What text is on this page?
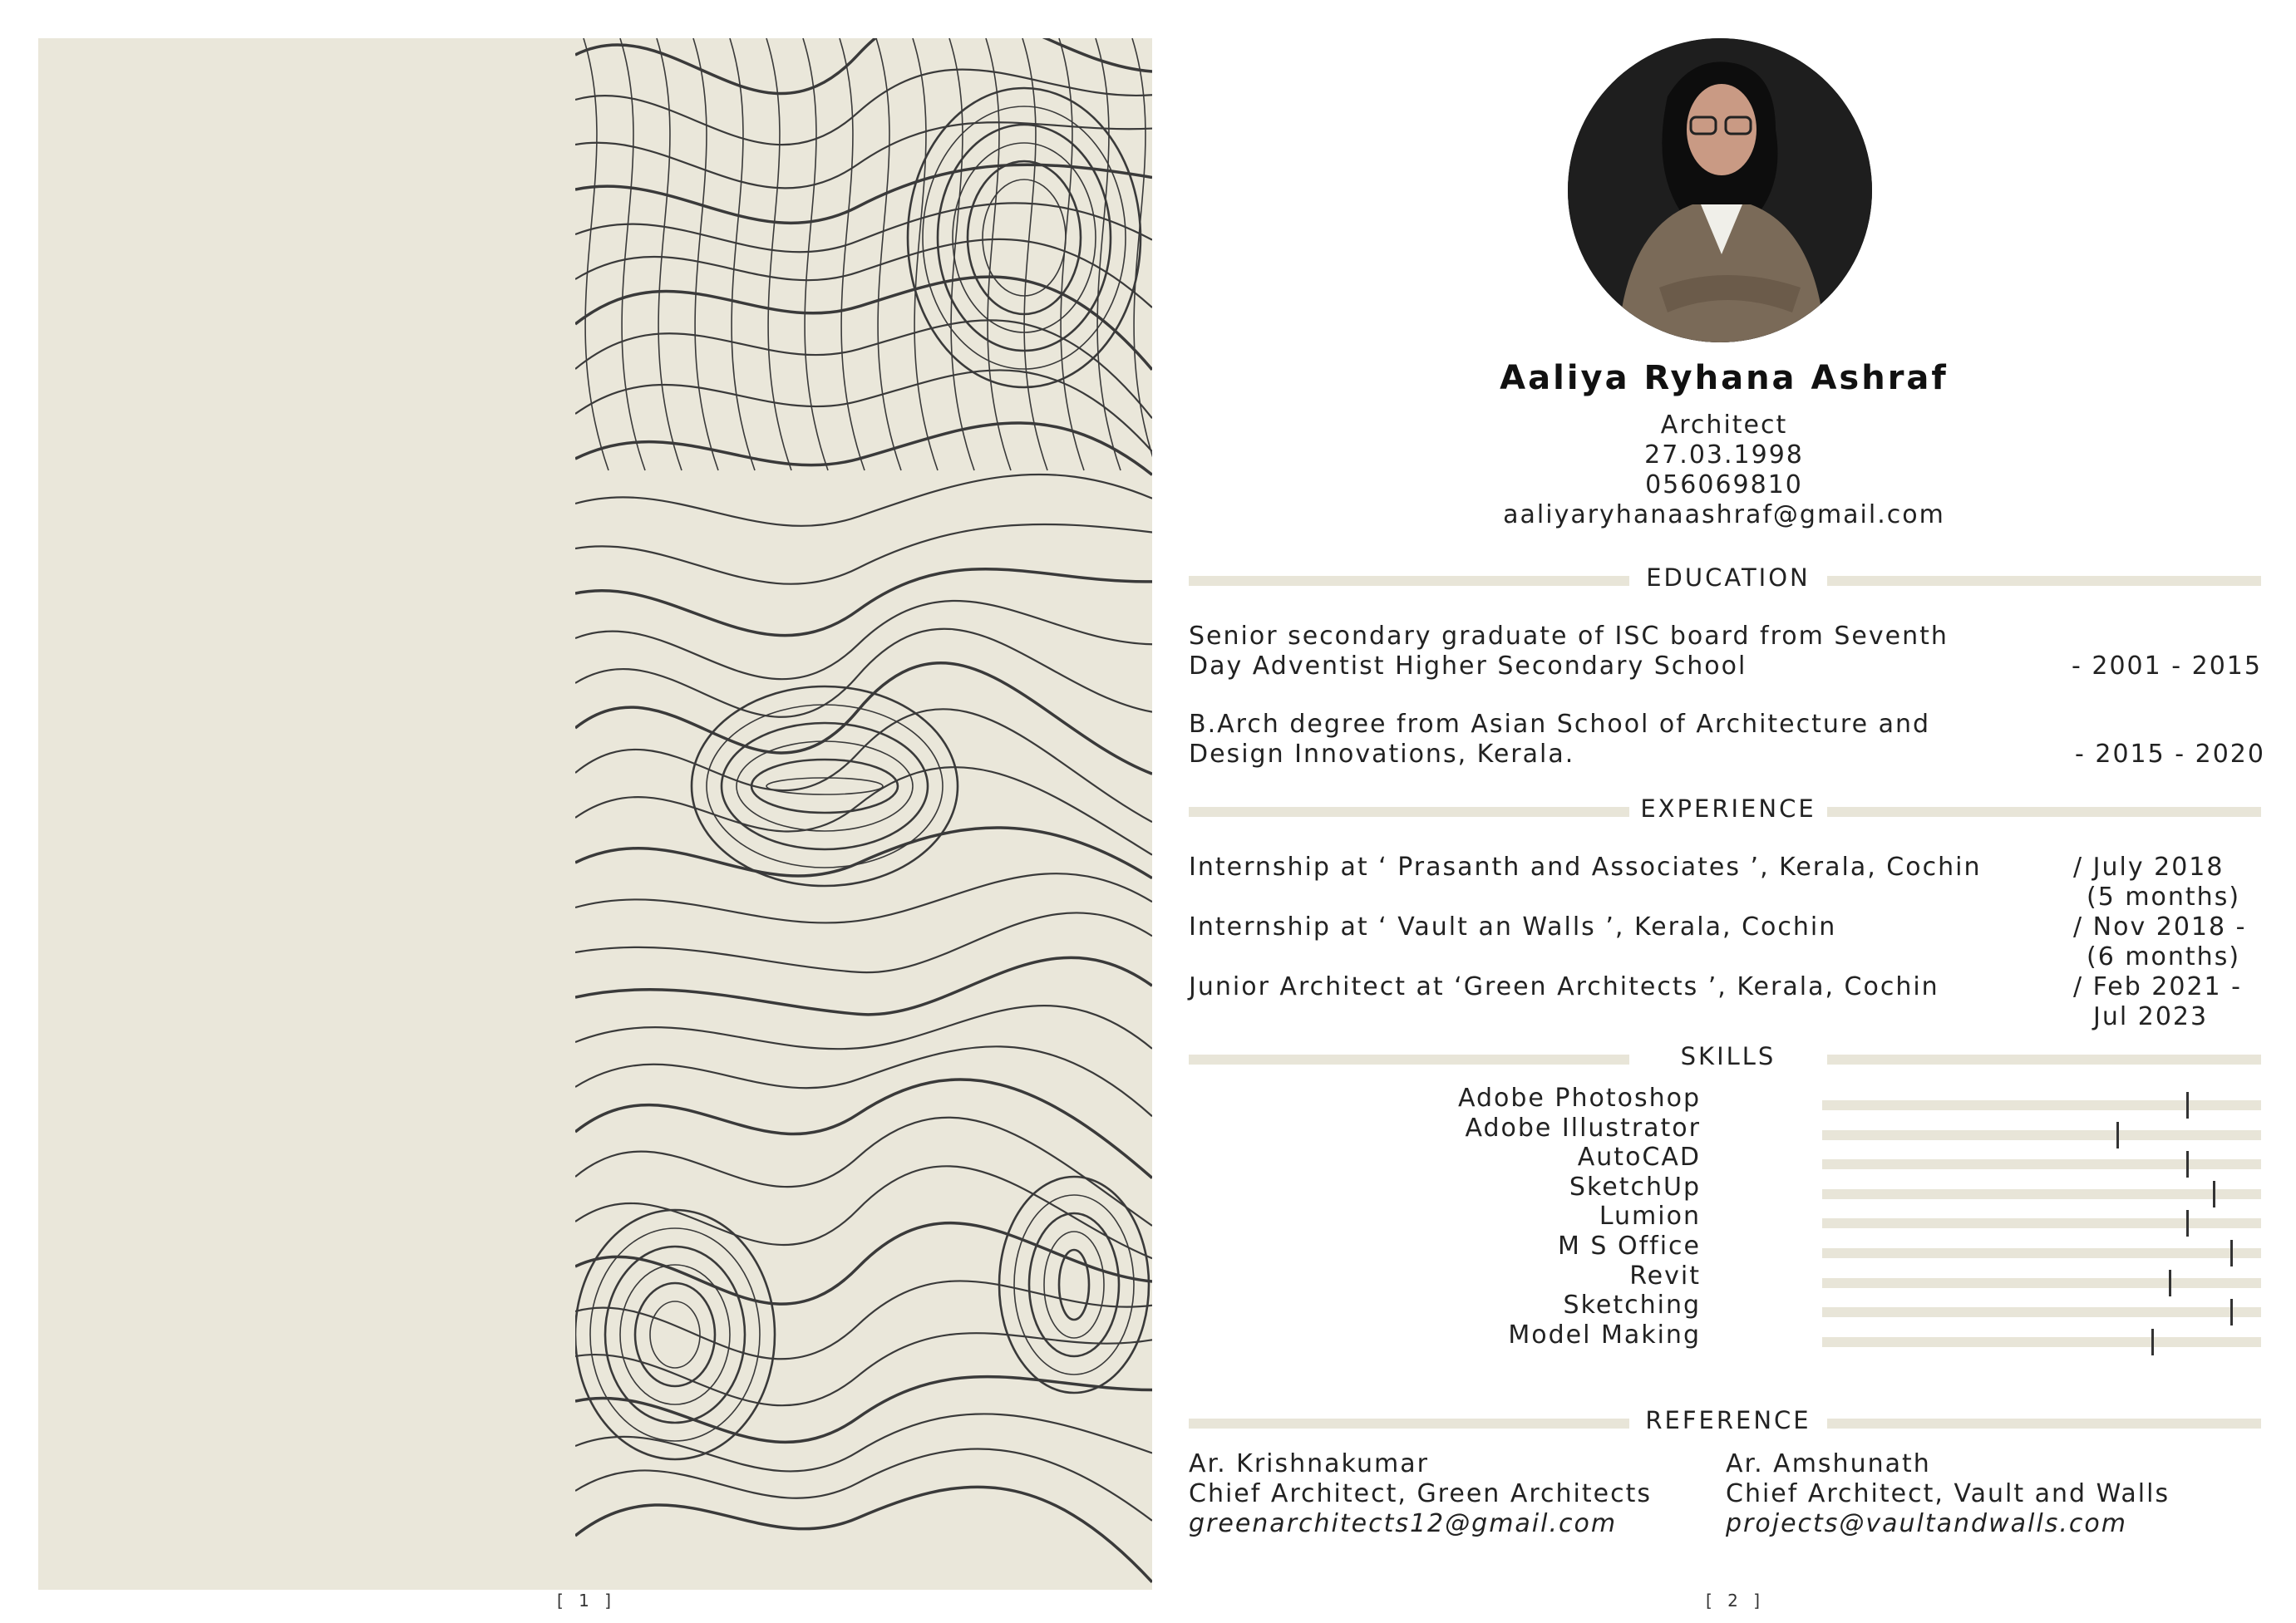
[ 1 ]
Aaliya Ryhana Ashraf
Architect
27.03.1998
056069810
aaliyaryhanaashraf@gmail.com
EDUCATION
Senior secondary graduate of ISC board from Seventh
Day Adventist Higher Secondary School	- 2001 - 2015
B.Arch degree from Asian School of Architecture and
Design Innovations, Kerala.	- 2015 - 2020
EXPERIENCE
Internship at ‘ Prasanth and Associates ’, Kerala, Cochin	/ July 2018
(5 months)
Internship at ‘ Vault an Walls ’, Kerala, Cochin	/ Nov 2018 -
(6 months)
Junior Architect at ‘Green Architects ’, Kerala, Cochin	/ Feb 2021 -
Jul 2023
SKILLS
Adobe Photoshop
Adobe Illustrator
AutoCAD
SketchUp
Lumion
M S Office
Revit
Sketching
Model Making
REFERENCE
Ar. Krishnakumar
Chief Architect, Green Architects
greenarchitects12@gmail.com
Ar. Amshunath
Chief Architect, Vault and Walls
projects@vaultandwalls.com
[ 2 ]
